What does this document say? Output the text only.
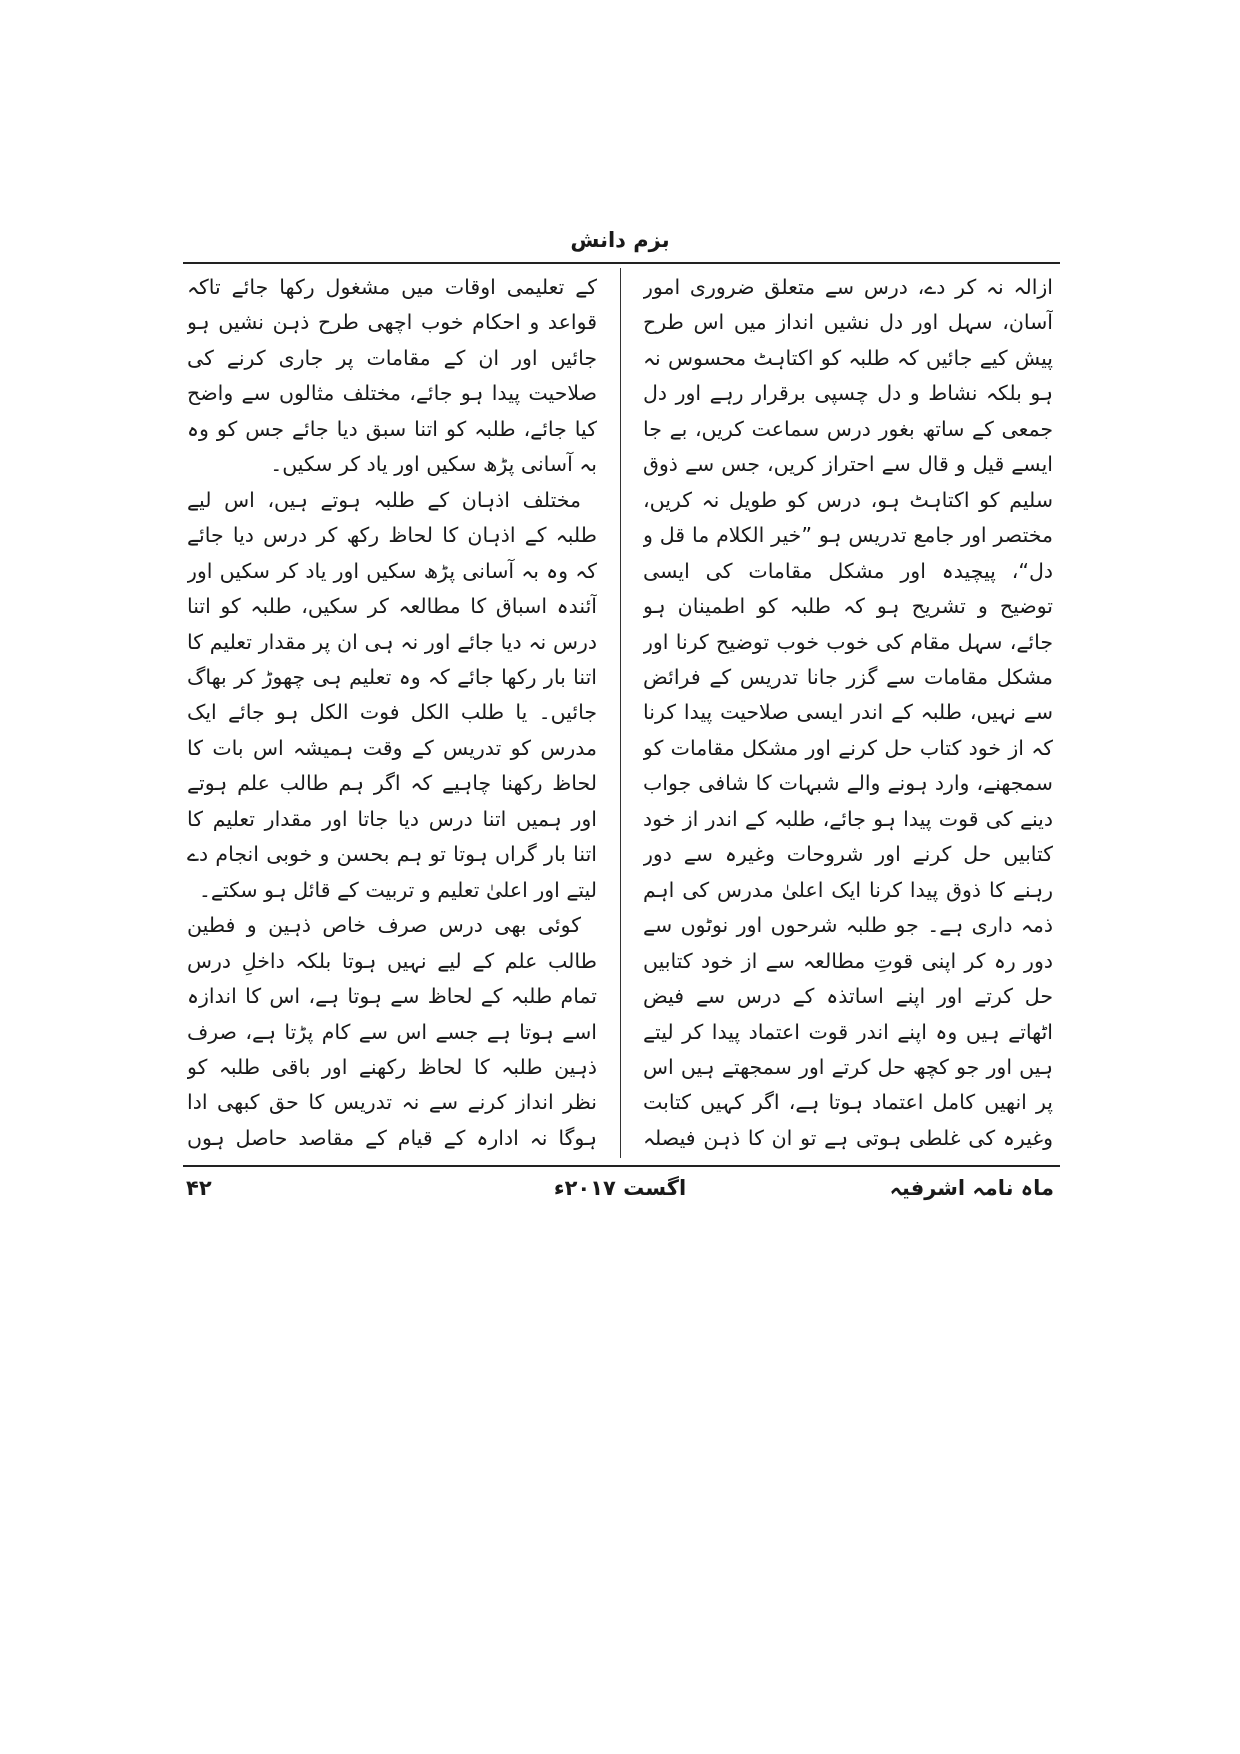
بزم دانش

ازالہ نہ کر دے، درس سے متعلق ضروری امور آسان، سہل اور دل نشیں انداز میں اس طرح پیش کیے جائیں کہ طلبہ کو اکتاہٹ محسوس نہ ہو بلکہ نشاط و دل چسپی برقرار رہے اور دل جمعی کے ساتھ بغور درس سماعت کریں، بے جا ایسے قیل و قال سے احتراز کریں، جس سے ذوق سلیم کو اکتاہٹ ہو، درس کو طویل نہ کریں، مختصر اور جامع تدریس ہو ”خیر الکلام ما قل و دل“، پیچیدہ اور مشکل مقامات کی ایسی توضیح و تشریح ہو کہ طلبہ کو اطمینان ہو جائے، سہل مقام کی خوب خوب توضیح کرنا اور مشکل مقامات سے گزر جانا تدریس کے فرائض سے نہیں، طلبہ کے اندر ایسی صلاحیت پیدا کرنا کہ از خود کتاب حل کرنے اور مشکل مقامات کو سمجھنے، وارد ہونے والے شبہات کا شافی جواب دینے کی قوت پیدا ہو جائے، طلبہ کے اندر از خود کتابیں حل کرنے اور شروحات وغیرہ سے دور رہنے کا ذوق پیدا کرنا ایک اعلیٰ مدرس کی اہم ذمہ داری ہے۔ جو طلبہ شرحوں اور نوٹوں سے دور رہ کر اپنی قوتِ مطالعہ سے از خود کتابیں حل کرتے اور اپنے اساتذہ کے درس سے فیض اٹھاتے ہیں وہ اپنے اندر قوت اعتماد پیدا کر لیتے ہیں اور جو کچھ حل کرتے اور سمجھتے ہیں اس پر انھیں کامل اعتماد ہوتا ہے، اگر کہیں کتابت وغیرہ کی غلطی ہوتی ہے تو ان کا ذہن فیصلہ

کے تعلیمی اوقات میں مشغول رکھا جائے تاکہ قواعد و احکام خوب اچھی طرح ذہن نشیں ہو جائیں اور ان کے مقامات پر جاری کرنے کی صلاحیت پیدا ہو جائے، مختلف مثالوں سے واضح کیا جائے، طلبہ کو اتنا سبق دیا جائے جس کو وہ بہ آسانی پڑھ سکیں اور یاد کر سکیں۔

مختلف اذہان کے طلبہ ہوتے ہیں، اس لیے طلبہ کے اذہان کا لحاظ رکھ کر درس دیا جائے کہ وہ بہ آسانی پڑھ سکیں اور یاد کر سکیں اور آئندہ اسباق کا مطالعہ کر سکیں، طلبہ کو اتنا درس نہ دیا جائے اور نہ ہی ان پر مقدار تعلیم کا اتنا بار رکھا جائے کہ وہ تعلیم ہی چھوڑ کر بھاگ جائیں۔ یا طلب الکل فوت الکل ہو جائے ایک مدرس کو تدریس کے وقت ہمیشہ اس بات کا لحاظ رکھنا چاہیے کہ اگر ہم طالب علم ہوتے اور ہمیں اتنا درس دیا جاتا اور مقدار تعلیم کا اتنا بار گراں ہوتا تو ہم بحسن و خوبی انجام دے لیتے اور اعلیٰ تعلیم و تربیت کے قائل ہو سکتے۔

کوئی بھی درس صرف خاص ذہین و فطین طالب علم کے لیے نہیں ہوتا بلکہ داخلِ درس تمام طلبہ کے لحاظ سے ہوتا ہے، اس کا اندازہ اسے ہوتا ہے جسے اس سے کام پڑتا ہے، صرف ذہین طلبہ کا لحاظ رکھنے اور باقی طلبہ کو نظر انداز کرنے سے نہ تدریس کا حق کبھی ادا ہوگا نہ ادارہ کے قیام کے مقاصد حاصل ہوں

ماہ نامہ اشرفیہ
اگست ۲۰۱۷ء
۴۲
